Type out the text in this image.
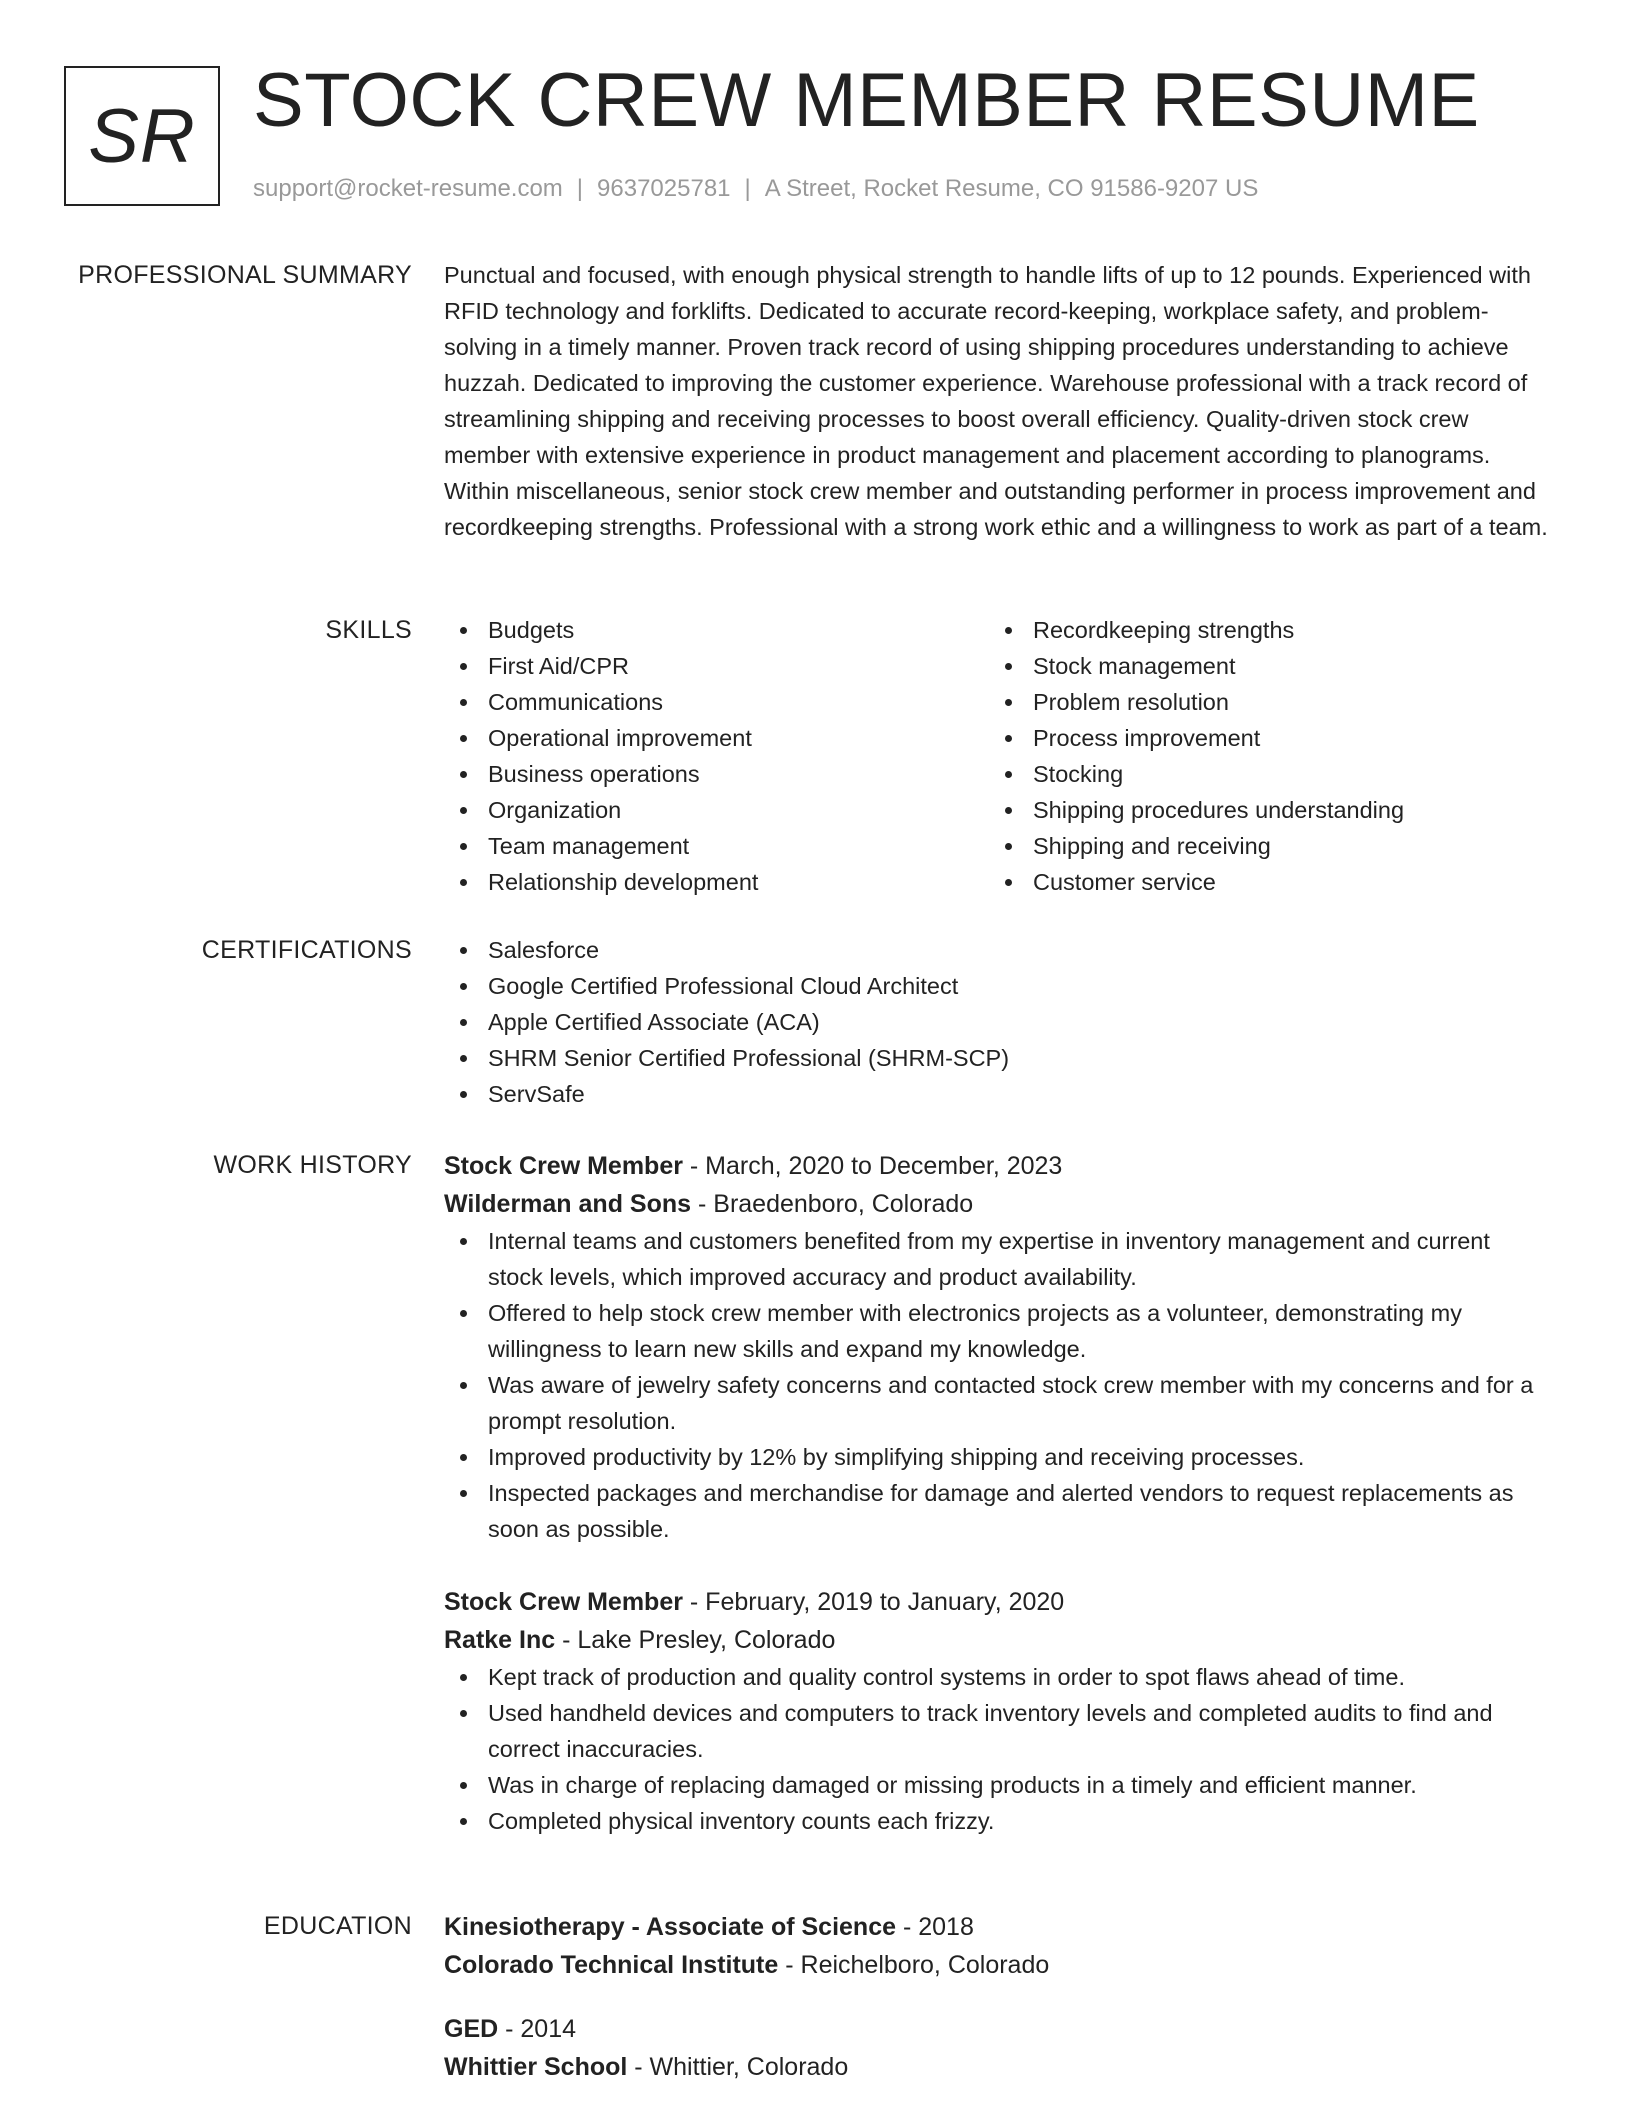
SR STOCK CREW MEMBER RESUME
support@rocket-resume.com | 9637025781 | A Street, Rocket Resume, CO 91586-9207 US
PROFESSIONAL SUMMARY Punctual and focused, with enough physical strength to handle lifts of up to 12 pounds. Experienced with RFID technology and forklifts. Dedicated to accurate record-keeping, workplace safety, and problem-solving in a timely manner. Proven track record of using shipping procedures understanding to achieve huzzah. Dedicated to improving the customer experience. Warehouse professional with a track record of streamlining shipping and receiving processes to boost overall efficiency. Quality-driven stock crew member with extensive experience in product management and placement according to planograms. Within miscellaneous, senior stock crew member and outstanding performer in process improvement and recordkeeping strengths. Professional with a strong work ethic and a willingness to work as part of a team.

SKILLS	Budgets
First Aid/CPR
Communications
Operational improvement
Business operations
Organization
Team management
Relationship development
Recordkeeping strengths
Stock management
Problem resolution
Process improvement
Stocking
Shipping procedures understanding
Shipping and receiving
Customer service
CERTIFICATIONS	Salesforce
Google Certified Professional Cloud Architect
Apple Certified Associate (ACA)
SHRM Senior Certified Professional (SHRM-SCP)
ServSafe
WORK HISTORY Stock Crew Member - March, 2020 to December, 2023
Wilderman and Sons - Braedenboro, Colorado
Internal teams and customers benefited from my expertise in inventory management and current stock levels, which improved accuracy and product availability.
Offered to help stock crew member with electronics projects as a volunteer, demonstrating my willingness to learn new skills and expand my knowledge.
Was aware of jewelry safety concerns and contacted stock crew member with my concerns and for a prompt resolution.
Improved productivity by 12% by simplifying shipping and receiving processes.
Inspected packages and merchandise for damage and alerted vendors to request replacements as soon as possible.
Stock Crew Member - February, 2019 to January, 2020
Ratke Inc - Lake Presley, Colorado
Kept track of production and quality control systems in order to spot flaws ahead of time.
Used handheld devices and computers to track inventory levels and completed audits to find and correct inaccuracies.
Was in charge of replacing damaged or missing products in a timely and efficient manner.
Completed physical inventory counts each frizzy.
EDUCATION Kinesiotherapy - Associate of Science - 2018
Colorado Technical Institute - Reichelboro, Colorado
GED - 2014
Whittier School - Whittier, Colorado
